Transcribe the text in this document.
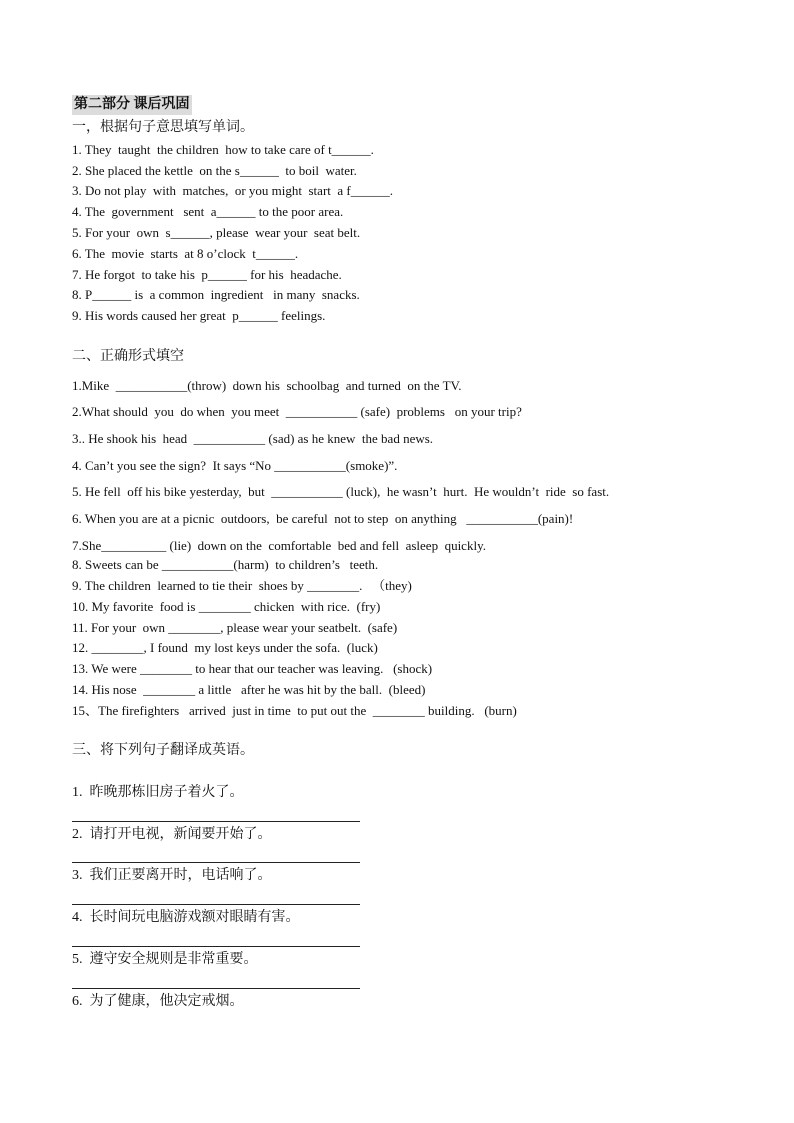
第二部分 课后巩固
一，根据句子意思填写单词。
1. They  taught  the children  how to take care of t______.
2. She placed the kettle  on the s______  to boil  water.
3. Do not play  with  matches,  or you might  start  a f______.
4. The  government   sent  a______ to the poor area.
5. For your  own  s______, please  wear your  seat belt.
6. The  movie  starts  at 8 o’clock  t______.
7. He forgot  to take his  p______ for his  headache.
8. P______ is  a common  ingredient   in many  snacks.
9. His words caused her great  p______ feelings.
二、正确形式填空
1.Mike  ___________(throw)  down his  schoolbag  and turned  on the TV.
2.What should  you  do when  you meet  ___________ (safe)  problems   on your trip?
3.. He shook his  head  ___________ (sad) as he knew  the bad news.
4. Can’t you see the sign?  It says “No ___________(smoke)”.
5. He fell  off his bike yesterday,  but  ___________ (luck),  he wasn’t  hurt.  He wouldn’t  ride  so fast.
6. When you are at a picnic  outdoors,  be careful  not to step  on anything   ___________(pain)!
7.She__________ (lie)  down on the  comfortable  bed and fell  asleep  quickly.
8. Sweets can be ___________(harm)  to children’s   teeth.
9. The children  learned to tie their  shoes by ________.   （they)
10. My favorite  food is ________ chicken  with rice.  (fry)
11. For your  own ________, please wear your seatbelt.  (safe)
12. ________, I found  my lost keys under the sofa.  (luck)
13. We were ________ to hear that our teacher was leaving.   (shock)
14. His nose  ________ a little   after he was hit by the ball.  (bleed)
15、The firefighters   arrived  just in time  to put out the  ________ building.   (burn)
三、将下列句子翻译成英语。
1.  昨晚那栋旧房子着火了。
2.  请打开电视，新闻要开始了。
3.  我们正要离开时，电话响了。
4.  长时间玩电脑游戏额对眼睛有害。
5.  遵守安全规则是非常重要。
6.  为了健康，他决定戒烟。
